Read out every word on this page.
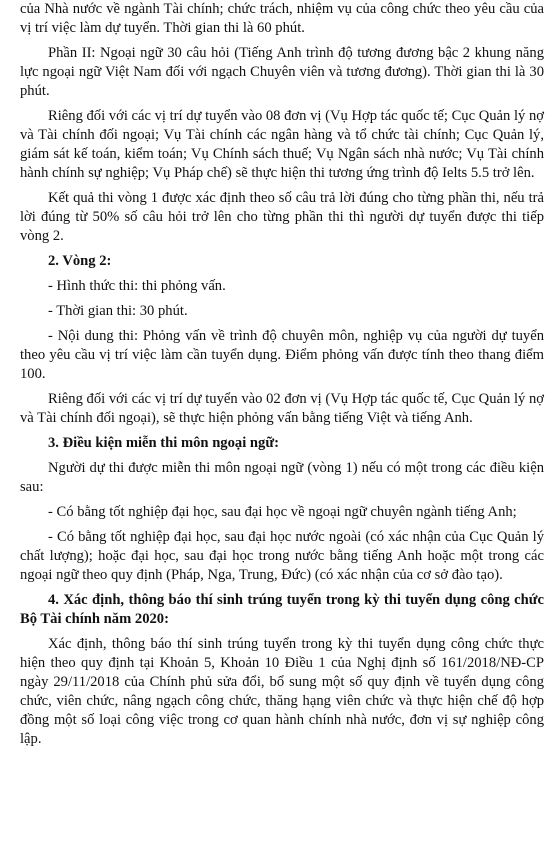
của Nhà nước về ngành Tài chính; chức trách, nhiệm vụ của công chức theo yêu cầu của vị trí việc làm dự tuyển. Thời gian thi là 60 phút.

Phần II: Ngoại ngữ 30 câu hỏi (Tiếng Anh trình độ tương đương bậc 2 khung năng lực ngoại ngữ Việt Nam đối với ngạch Chuyên viên và tương đương). Thời gian thi là 30 phút.

Riêng đối với các vị trí dự tuyển vào 08 đơn vị (Vụ Hợp tác quốc tế; Cục Quản lý nợ và Tài chính đối ngoại; Vụ Tài chính các ngân hàng và tổ chức tài chính; Cục Quản lý, giám sát kế toán, kiểm toán; Vụ Chính sách thuế; Vụ Ngân sách nhà nước; Vụ Tài chính hành chính sự nghiệp; Vụ Pháp chế) sẽ thực hiện thi tương ứng trình độ Ielts 5.5 trở lên.

Kết quả thi vòng 1 được xác định theo số câu trả lời đúng cho từng phần thi, nếu trả lời đúng từ 50% số câu hỏi trở lên cho từng phần thi thì người dự tuyển được thi tiếp vòng 2.

2. Vòng 2:

- Hình thức thi: thi phỏng vấn.

- Thời gian thi: 30 phút.

- Nội dung thi: Phỏng vấn về trình độ chuyên môn, nghiệp vụ của người dự tuyển theo yêu cầu vị trí việc làm cần tuyển dụng. Điểm phỏng vấn được tính theo thang điểm 100.

Riêng đối với các vị trí dự tuyển vào 02 đơn vị (Vụ Hợp tác quốc tế, Cục Quản lý nợ và Tài chính đối ngoại), sẽ thực hiện phỏng vấn bằng tiếng Việt và tiếng Anh.

3. Điều kiện miễn thi môn ngoại ngữ:

Người dự thi được miễn thi môn ngoại ngữ (vòng 1) nếu có một trong các điều kiện sau:

- Có bằng tốt nghiệp đại học, sau đại học về ngoại ngữ chuyên ngành tiếng Anh;

- Có bằng tốt nghiệp đại học, sau đại học nước ngoài (có xác nhận của Cục Quản lý chất lượng); hoặc đại học, sau đại học trong nước bằng tiếng Anh hoặc một trong các ngoại ngữ theo quy định (Pháp, Nga, Trung, Đức) (có xác nhận của cơ sở đào tạo).

4. Xác định, thông báo thí sinh trúng tuyển trong kỳ thi tuyển dụng công chức Bộ Tài chính năm 2020:

Xác định, thông báo thí sinh trúng tuyển trong kỳ thi tuyển dụng công chức thực hiện theo quy định tại Khoản 5, Khoản 10 Điều 1 của Nghị định số 161/2018/NĐ-CP ngày 29/11/2018 của Chính phủ sửa đổi, bổ sung một số quy định về tuyển dụng công chức, viên chức, nâng ngạch công chức, thăng hạng viên chức và thực hiện chế độ hợp đồng một số loại công việc trong cơ quan hành chính nhà nước, đơn vị sự nghiệp công lập.
